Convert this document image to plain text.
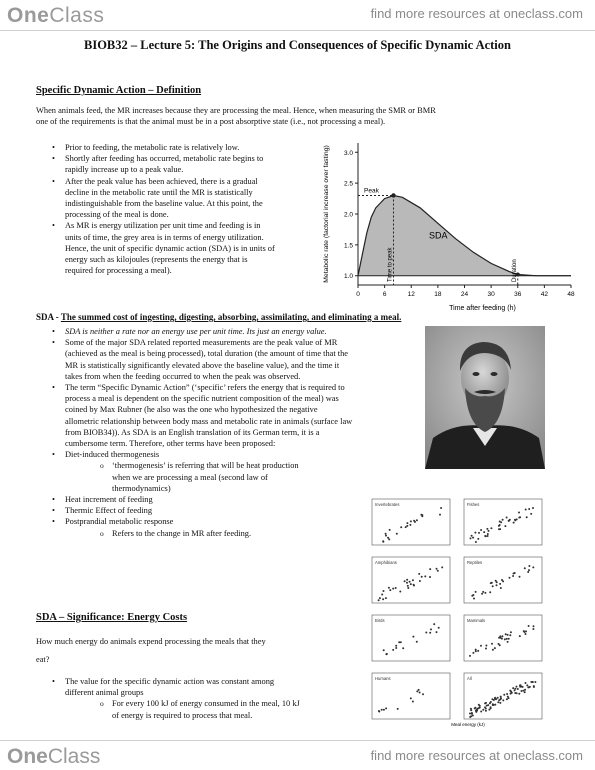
OneClass	find more resources at oneclass.com
BIOB32 – Lecture 5: The Origins and Consequences of Specific Dynamic Action
Specific Dynamic Action – Definition
When animals feed, the MR increases because they are processing the meal. Hence, when measuring the SMR or BMR
one of the requirements is that the animal must be in a post absorptive state (i.e., not processing a meal).
• Prior to feeding, the metabolic rate is relatively low.
• Shortly after feeding has occurred, metabolic rate begins to
rapidly increase up to a peak value.
• After the peak value has been achieved, there is a gradual
decline in the metabolic rate until the MR is statistically
indistinguishable from the baseline value. At this point, the
processing of the meal is done.
• As MR is energy utilization per unit time and feeding is in
units of time, the grey area is in terms of energy utilization.
Hence, the unit of specific dynamic action (SDA) is in units of
energy such as kilojoules (represents the energy that is
required for processing a meal).
1.0
1.5
2.0
2.5
3.0
0	6	12	18	24	30	36	42	48
Peak
Time to peak	Duration
SDA
Metabolic rate (factorial increase over fasting)
Time after feeding (h)
SDA - The summed cost of ingesting, digesting, absorbing, assimilating, and eliminating a meal.
• SDA is neither a rate nor an energy use per unit time. Its just an energy value.
• Some of the major SDA related reported measurements are the peak value of MR
(achieved as the meal is being processed), total duration (the amount of time that the
MR is statistically significantly elevated above the baseline value), and the time it
takes from when the feeding occurred to when the peak was observed.
• The term “Specific Dynamic Action” (‘specific’ refers the energy that is required to
process a meal is dependent on the specific nutrient composition of the meal) was
coined by Max Rubner (he also was the one who hypothesized the negative
allometric relationship between body mass and metabolic rate in animals (surface law
from BIOB34)). As SDA is an English translation of its German term, it is a
cumbersome term. Therefore, other terms have been proposed:
• Diet-induced thermogenesis
o ‘thermogenesis’ is referring that will be heat production
when we are processing a meal (second law of
thermodynamics)
• Heat increment of feeding
• Thermic Effect of feeding
• Postprandial metabolic response
o Refers to the change in MR after feeding.
Invertebrates	Fishes
Amphibians	Reptiles
Birds	Mammals
Humans	All
Meal energy (kJ)
SDA – Significance: Energy Costs
How much energy do animals expend processing the meals that they
eat?
• The value for the specific dynamic action was constant among
different animal groups
o For every 100 kJ of energy consumed in the meal, 10 kJ
of energy is required to process that meal.
OneClass	find more resources at oneclass.com
